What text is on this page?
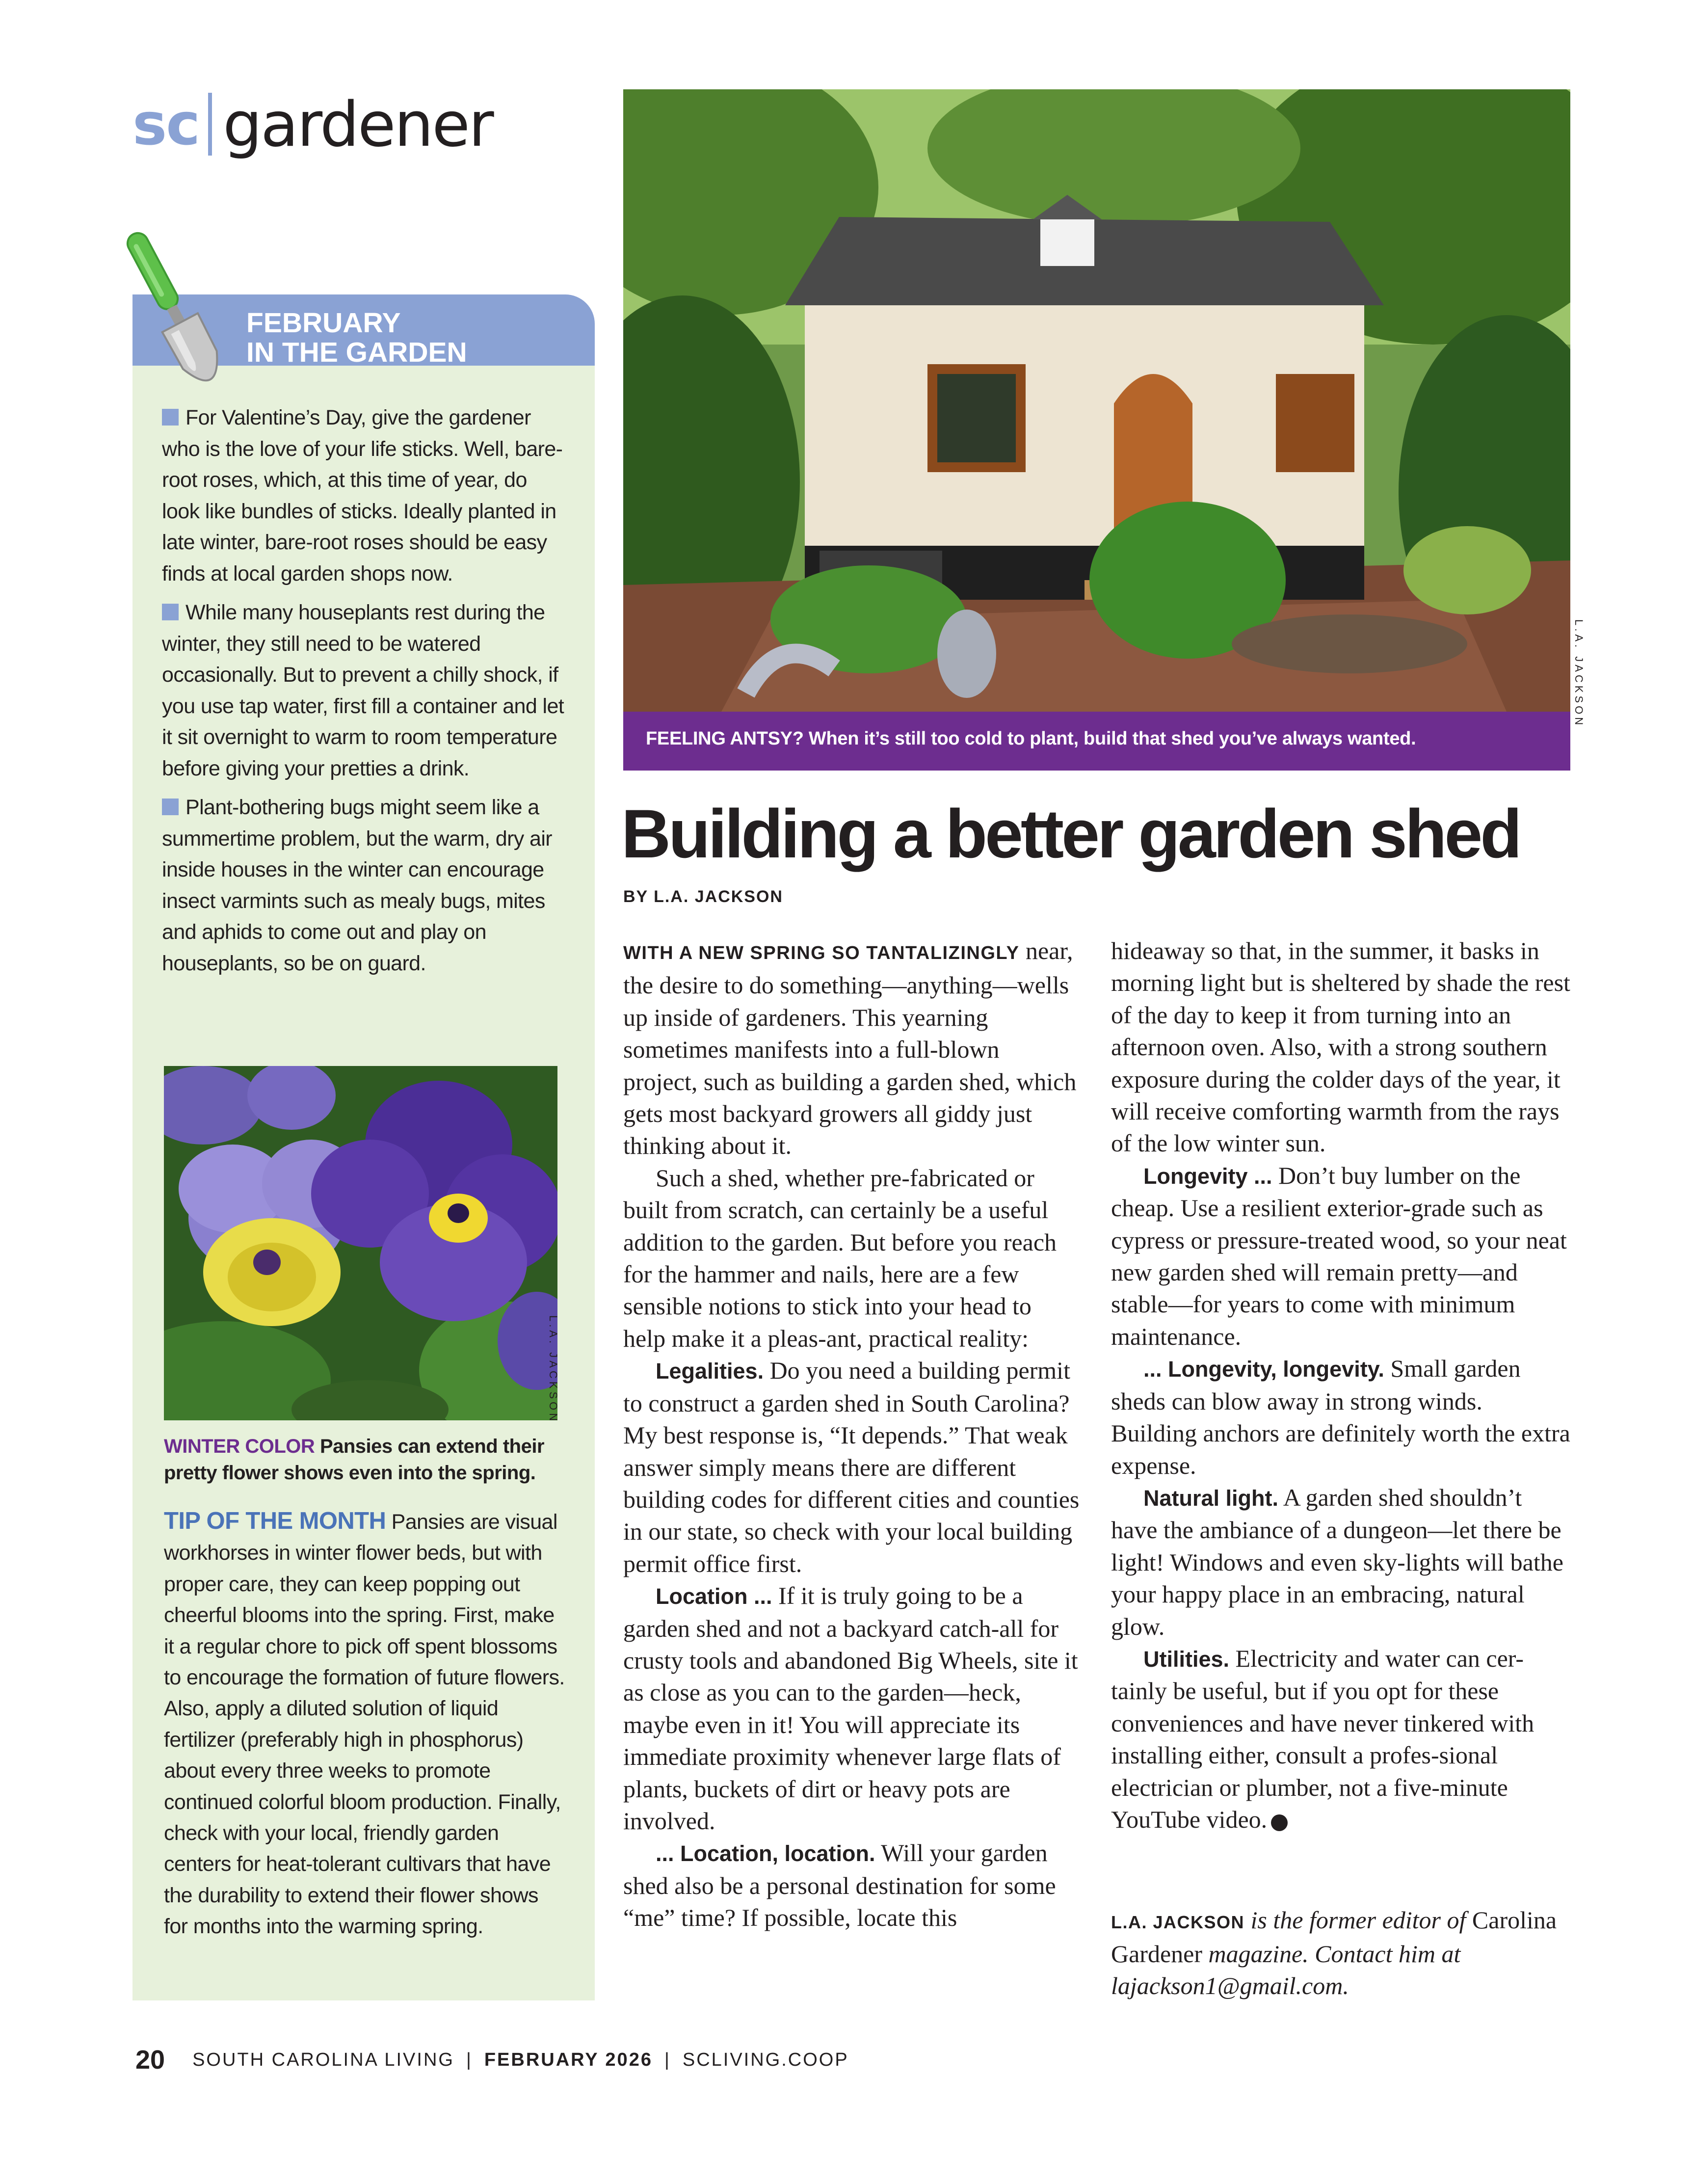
sc gardener
FEBRUARY
IN THE GARDEN

For Valentine’s Day, give the gardener who is the love of your life sticks. Well, bare-root roses, which, at this time of year, do look like bundles of sticks. Ideally planted in late winter, bare-root roses should be easy finds at local garden shops now.

While many houseplants rest during the winter, they still need to be watered occasionally. But to prevent a chilly shock, if you use tap water, first fill a container and let it sit overnight to warm to room temperature before giving your pretties a drink.

Plant-bothering bugs might seem like a summertime problem, but the warm, dry air inside houses in the winter can encourage insect varmints such as mealy bugs, mites and aphids to come out and play on houseplants, so be on guard.

L.A. JACKSON
WINTER COLOR Pansies can extend their pretty flower shows even into the spring.
TIP OF THE MONTH Pansies are visual workhorses in winter flower beds, but with proper care, they can keep popping out cheerful blooms into the spring. First, make it a regular chore to pick off spent blossoms to encourage the formation of future flowers. Also, apply a diluted solution of liquid fertilizer (preferably high in phosphorus) about every three weeks to promote continued colorful bloom production. Finally, check with your local, friendly garden centers for heat-tolerant cultivars that have the durability to extend their flower shows for months into the warming spring.
L.A. JACKSON
FEELING ANTSY? When it’s still too cold to plant, build that shed you’ve always wanted.
Building a better garden shed
BY L.A. JACKSON

WITH A NEW SPRING SO TANTALIZINGLY near, the desire to do something—anything—wells up inside of gardeners. This yearning sometimes manifests into a full-blown project, such as building a garden shed, which gets most backyard growers all giddy just thinking about it.

Such a shed, whether pre-fabricated or built from scratch, can certainly be a useful addition to the garden. But before you reach for the hammer and nails, here are a few sensible notions to stick into your head to help make it a pleas-ant, practical reality:

Legalities. Do you need a building permit to construct a garden shed in South Carolina? My best response is, “It depends.” That weak answer simply means there are different building codes for different cities and counties in our state, so check with your local building permit office first.

Location ... If it is truly going to be a garden shed and not a backyard catch-all for crusty tools and abandoned Big Wheels, site it as close as you can to the garden—heck, maybe even in it! You will appreciate its immediate proximity whenever large flats of plants, buckets of dirt or heavy pots are involved.

... Location, location. Will your garden shed also be a personal destination for some “me” time? If possible, locate this

hideaway so that, in the summer, it basks in morning light but is sheltered by shade the rest of the day to keep it from turning into an afternoon oven. Also, with a strong southern exposure during the colder days of the year, it will receive comforting warmth from the rays of the low winter sun.

Longevity ... Don’t buy lumber on the cheap. Use a resilient exterior-grade such as cypress or pressure-treated wood, so your neat new garden shed will remain pretty—and stable—for years to come with minimum maintenance.

... Longevity, longevity. Small garden sheds can blow away in strong winds. Building anchors are definitely worth the extra expense.

Natural light. A garden shed shouldn’t have the ambiance of a dungeon—let there be light! Windows and even sky-lights will bathe your happy place in an embracing, natural glow.

Utilities. Electricity and water can cer-tainly be useful, but if you opt for these conveniences and have never tinkered with installing either, consult a profes-sional electrician or plumber, not a five-minute YouTube video.	SC

L.A. JACKSON is the former editor of Carolina Gardener magazine. Contact him at lajackson1@gmail.com.
20 SOUTH CAROLINA LIVING | FEBRUARY 2026 | SCLIVING.COOP
